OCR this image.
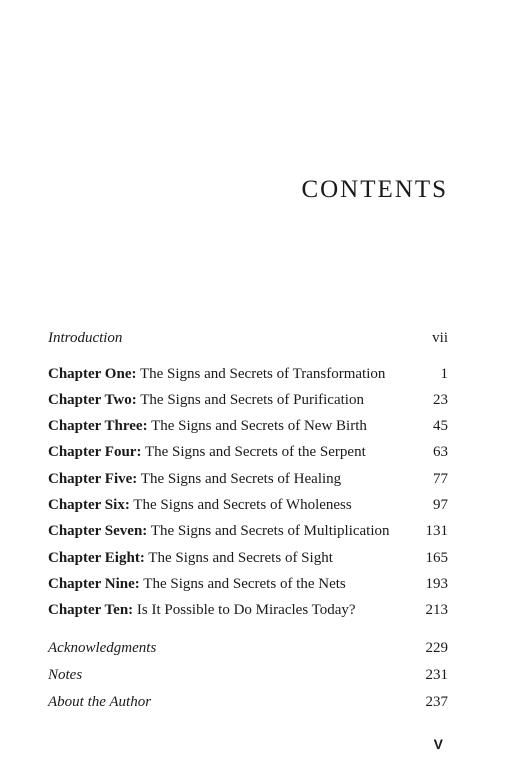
CONTENTS
Introduction	vii
Chapter One: The Signs and Secrets of Transformation	1
Chapter Two: The Signs and Secrets of Purification	23
Chapter Three: The Signs and Secrets of New Birth	45
Chapter Four: The Signs and Secrets of the Serpent	63
Chapter Five: The Signs and Secrets of Healing	77
Chapter Six: The Signs and Secrets of Wholeness	97
Chapter Seven: The Signs and Secrets of Multiplication 131
Chapter Eight: The Signs and Secrets of Sight	165
Chapter Nine: The Signs and Secrets of the Nets	193
Chapter Ten: Is It Possible to Do Miracles Today?	213
Acknowledgments	229
Notes	231
About the Author	237
V
